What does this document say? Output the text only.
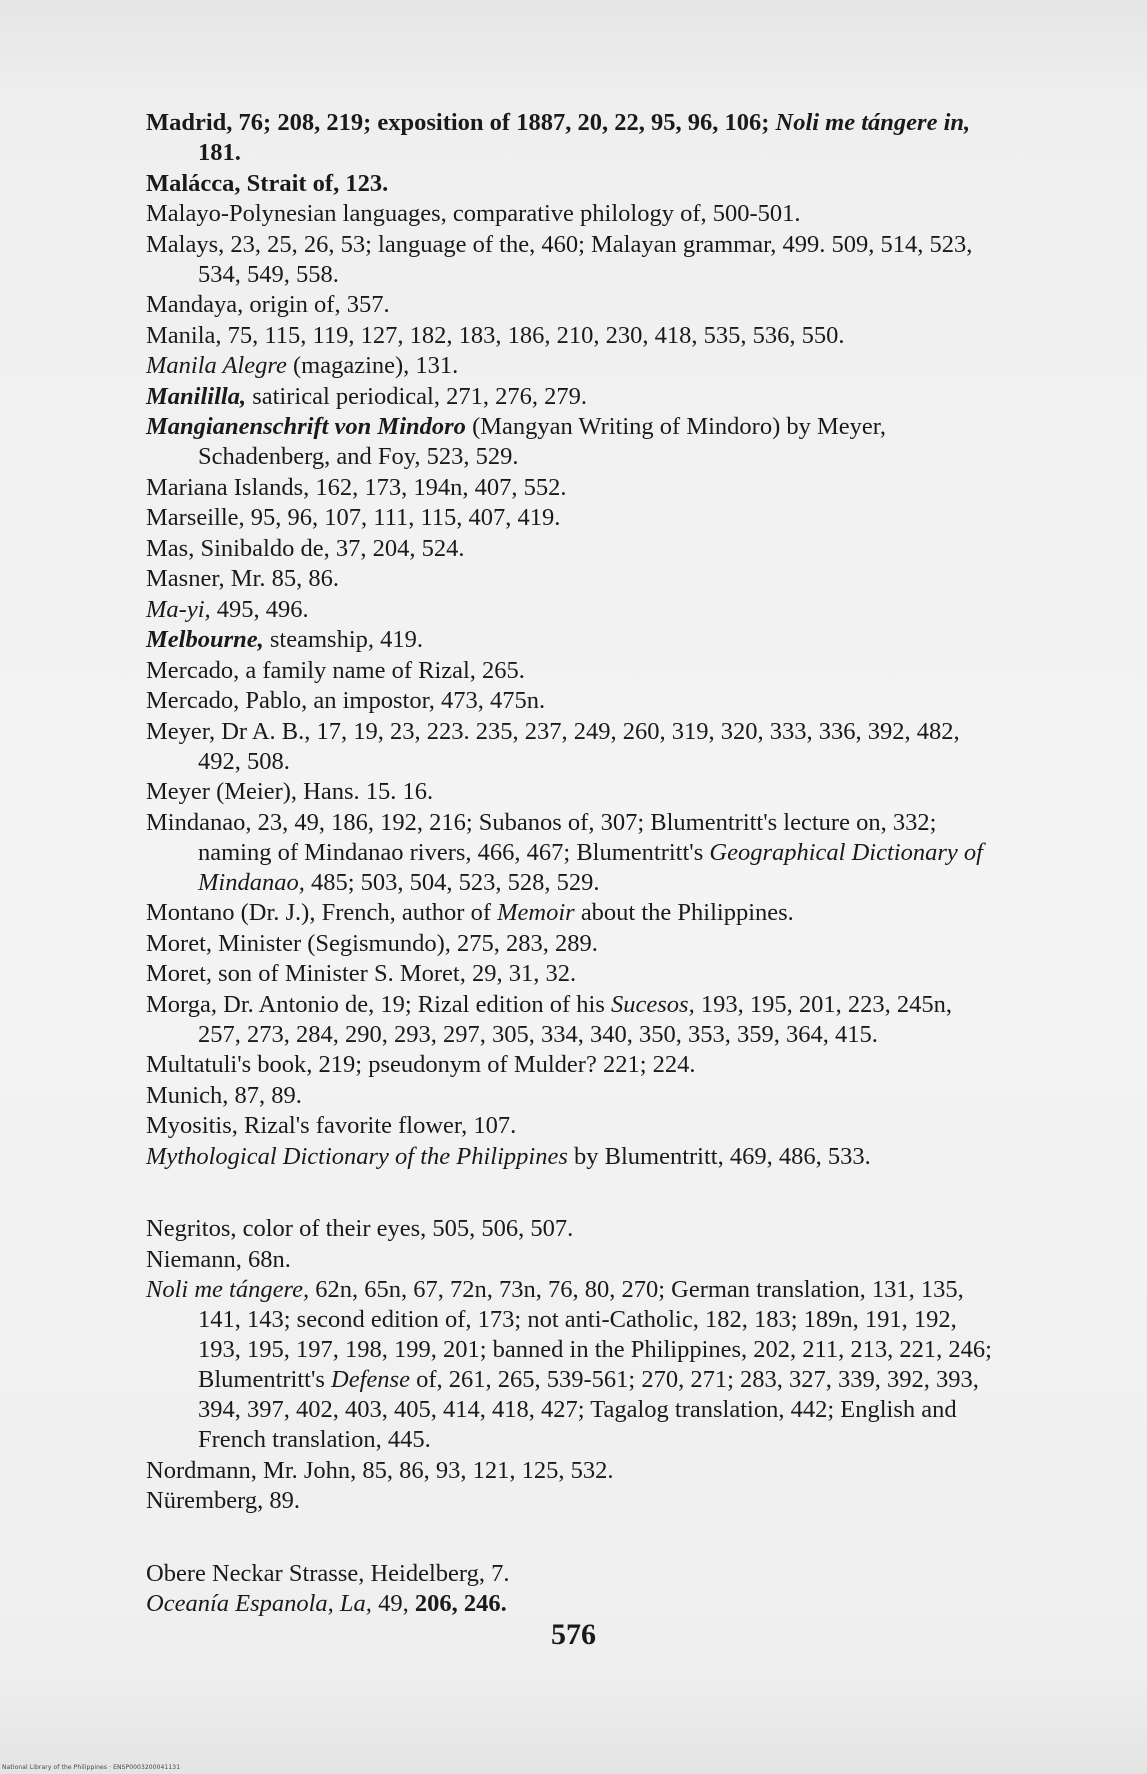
Madrid, 76; 208, 219; exposition of 1887, 20, 22, 95, 96, 106; Noli me tángere in, 181.
Malácca, Strait of, 123.
Malayo-Polynesian languages, comparative philology of, 500-501.
Malays, 23, 25, 26, 53; language of the, 460; Malayan grammar, 499. 509, 514, 523, 534, 549, 558.
Mandaya, origin of, 357.
Manila, 75, 115, 119, 127, 182, 183, 186, 210, 230, 418, 535, 536, 550.
Manila Alegre (magazine), 131.
Manililla, satirical periodical, 271, 276, 279.
Mangianenschrift von Mindoro (Mangyan Writing of Mindoro) by Meyer, Schadenberg, and Foy, 523, 529.
Mariana Islands, 162, 173, 194n, 407, 552.
Marseille, 95, 96, 107, 111, 115, 407, 419.
Mas, Sinibaldo de, 37, 204, 524.
Masner, Mr. 85, 86.
Ma-yi, 495, 496.
Melbourne, steamship, 419.
Mercado, a family name of Rizal, 265.
Mercado, Pablo, an impostor, 473, 475n.
Meyer, Dr A. B., 17, 19, 23, 223. 235, 237, 249, 260, 319, 320, 333, 336, 392, 482, 492, 508.
Meyer (Meier), Hans. 15. 16.
Mindanao, 23, 49, 186, 192, 216; Subanos of, 307; Blumentritt's lecture on, 332; naming of Mindanao rivers, 466, 467; Blumentritt's Geographical Dictionary of Mindanao, 485; 503, 504, 523, 528, 529.
Montano (Dr. J.), French, author of Memoir about the Philippines.
Moret, Minister (Segismundo), 275, 283, 289.
Moret, son of Minister S. Moret, 29, 31, 32.
Morga, Dr. Antonio de, 19; Rizal edition of his Sucesos, 193, 195, 201, 223, 245n, 257, 273, 284, 290, 293, 297, 305, 334, 340, 350, 353, 359, 364, 415.
Multatuli's book, 219; pseudonym of Mulder? 221; 224.
Munich, 87, 89.
Myositis, Rizal's favorite flower, 107.
Mythological Dictionary of the Philippines by Blumentritt, 469, 486, 533.
Negritos, color of their eyes, 505, 506, 507.
Niemann, 68n.
Noli me tángere, 62n, 65n, 67, 72n, 73n, 76, 80, 270; German translation, 131, 135, 141, 143; second edition of, 173; not anti-Catholic, 182, 183; 189n, 191, 192, 193, 195, 197, 198, 199, 201; banned in the Philippines, 202, 211, 213, 221, 246; Blumentritt's Defense of, 261, 265, 539-561; 270, 271; 283, 327, 339, 392, 393, 394, 397, 402, 403, 405, 414, 418, 427; Tagalog translation, 442; English and French translation, 445.
Nordmann, Mr. John, 85, 86, 93, 121, 125, 532.
Nüremberg, 89.
Obere Neckar Strasse, Heidelberg, 7.
Oceanía Espanola, La, 49, 206, 246.
576
National Library of the Philippines · ENSP0003200041131
